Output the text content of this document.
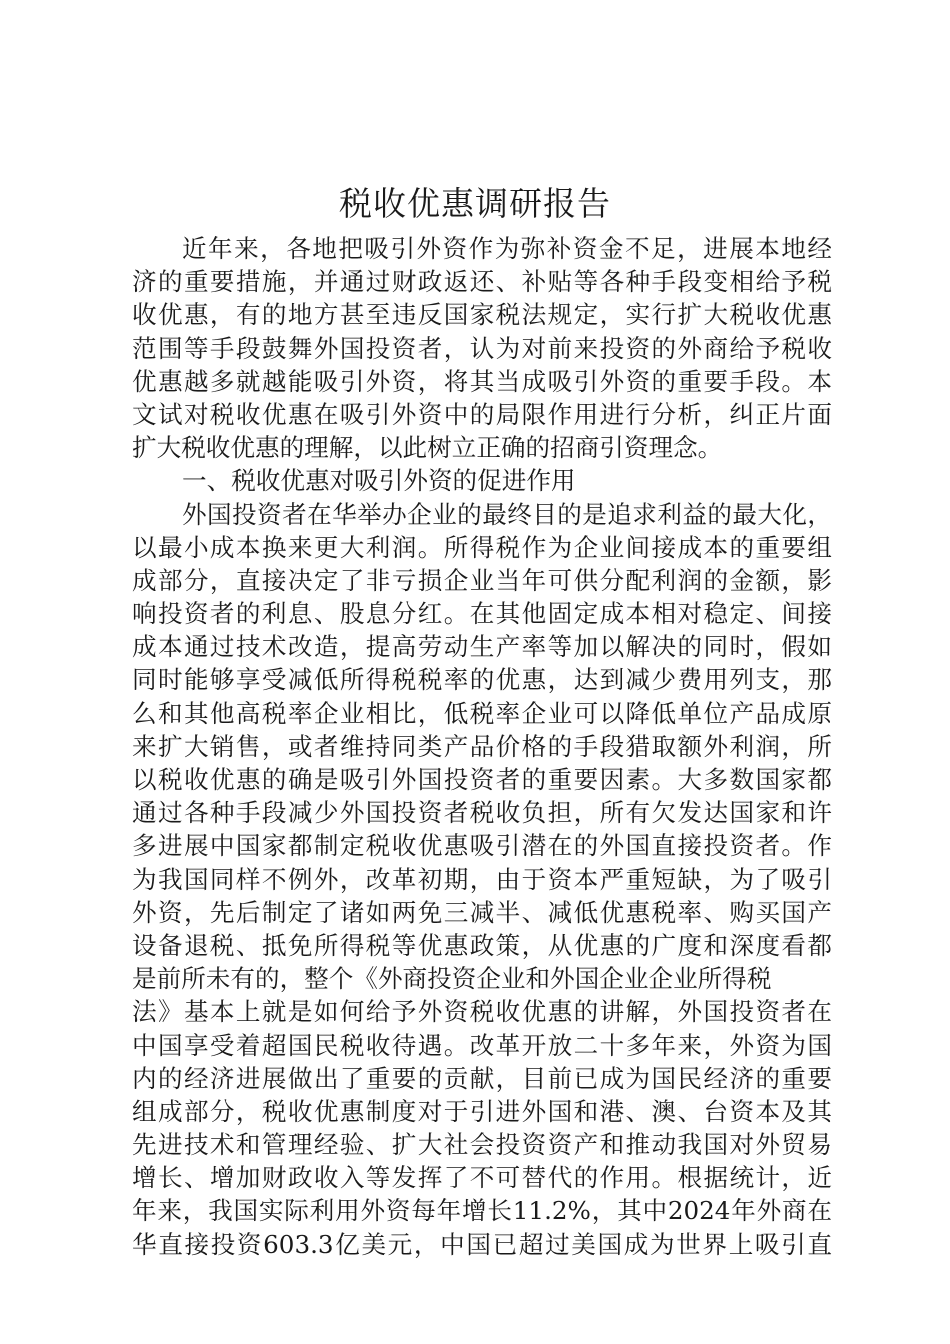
税收优惠调研报告
近年来，各地把吸引外资作为弥补资金不足，进展本地经
济的重要措施，并通过财政返还、补贴等各种手段变相给予税
收优惠，有的地方甚至违反国家税法规定，实行扩大税收优惠
范围等手段鼓舞外国投资者，认为对前来投资的外商给予税收
优惠越多就越能吸引外资，将其当成吸引外资的重要手段。本
文试对税收优惠在吸引外资中的局限作用进行分析，纠正片面
扩大税收优惠的理解，以此树立正确的招商引资理念。
一、税收优惠对吸引外资的促进作用
外国投资者在华举办企业的最终目的是追求利益的最大化，
以最小成本换来更大利润。所得税作为企业间接成本的重要组
成部分，直接决定了非亏损企业当年可供分配利润的金额，影
响投资者的利息、股息分红。在其他固定成本相对稳定、间接
成本通过技术改造，提高劳动生产率等加以解决的同时，假如
同时能够享受减低所得税税率的优惠，达到减少费用列支，那
么和其他高税率企业相比，低税率企业可以降低单位产品成原
来扩大销售，或者维持同类产品价格的手段猎取额外利润，所
以税收优惠的确是吸引外国投资者的重要因素。大多数国家都
通过各种手段减少外国投资者税收负担，所有欠发达国家和许
多进展中国家都制定税收优惠吸引潜在的外国直接投资者。作
为我国同样不例外，改革初期，由于资本严重短缺，为了吸引
外资，先后制定了诸如两免三减半、减低优惠税率、购买国产
设备退税、抵免所得税等优惠政策，从优惠的广度和深度看都
是前所未有的，整个《外商投资企业和外国企业企业所得税
法》基本上就是如何给予外资税收优惠的讲解，外国投资者在
中国享受着超国民税收待遇。改革开放二十多年来，外资为国
内的经济进展做出了重要的贡献，目前已成为国民经济的重要
组成部分，税收优惠制度对于引进外国和港、澳、台资本及其
先进技术和管理经验、扩大社会投资资产和推动我国对外贸易
增长、增加财政收入等发挥了不可替代的作用。根据统计，近
年来，我国实际利用外资每年增长11.2%，其中2024年外商在
华直接投资603.3亿美元，中国已超过美国成为世界上吸引直
